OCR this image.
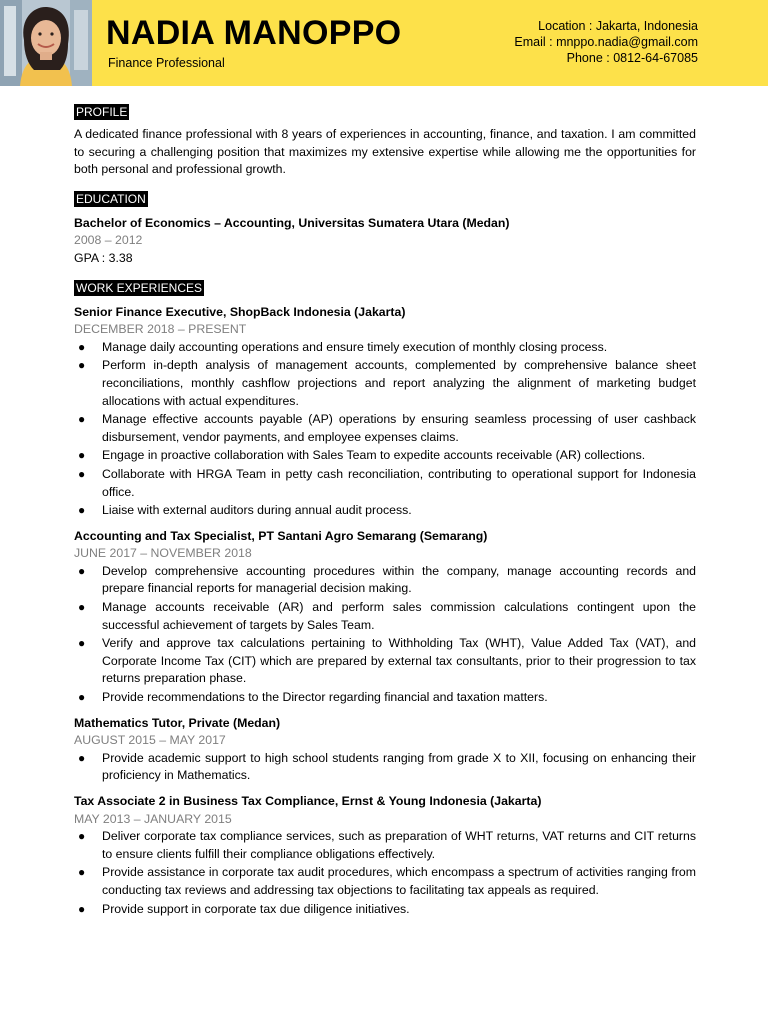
NADIA MANOPPO
Finance Professional
Location : Jakarta, Indonesia
Email : mnppo.nadia@gmail.com
Phone : 0812-64-67085
PROFILE

A dedicated finance professional with 8 years of experiences in accounting, finance, and taxation. I am committed to securing a challenging position that maximizes my extensive expertise while allowing me the opportunities for both personal and professional growth.

EDUCATION
Bachelor of Economics – Accounting, Universitas Sumatera Utara (Medan)
2008 – 2012
GPA : 3.38
WORK EXPERIENCES
Senior Finance Executive, ShopBack Indonesia (Jakarta)
DECEMBER 2018 – PRESENT
● Manage daily accounting operations and ensure timely execution of monthly closing process.
● Perform in-depth analysis of management accounts, complemented by comprehensive balance sheet reconciliations, monthly cashflow projections and report analyzing the alignment of marketing budget allocations with actual expenditures.
● Manage effective accounts payable (AP) operations by ensuring seamless processing of user cashback disbursement, vendor payments, and employee expenses claims.
● Engage in proactive collaboration with Sales Team to expedite accounts receivable (AR) collections.
● Collaborate with HRGA Team in petty cash reconciliation, contributing to operational support for Indonesia office.
● Liaise with external auditors during annual audit process.
Accounting and Tax Specialist, PT Santani Agro Semarang (Semarang)
JUNE 2017 – NOVEMBER 2018
● Develop comprehensive accounting procedures within the company, manage accounting records and prepare financial reports for managerial decision making.
● Manage accounts receivable (AR) and perform sales commission calculations contingent upon the successful achievement of targets by Sales Team.
● Verify and approve tax calculations pertaining to Withholding Tax (WHT), Value Added Tax (VAT), and Corporate Income Tax (CIT) which are prepared by external tax consultants, prior to their progression to tax returns preparation phase.
● Provide recommendations to the Director regarding financial and taxation matters.
Mathematics Tutor, Private (Medan)
AUGUST 2015 – MAY 2017
● Provide academic support to high school students ranging from grade X to XII, focusing on enhancing their proficiency in Mathematics.
Tax Associate 2 in Business Tax Compliance, Ernst & Young Indonesia (Jakarta)
MAY 2013 – JANUARY 2015
● Deliver corporate tax compliance services, such as preparation of WHT returns, VAT returns and CIT returns to ensure clients fulfill their compliance obligations effectively.
● Provide assistance in corporate tax audit procedures, which encompass a spectrum of activities ranging from conducting tax reviews and addressing tax objections to facilitating tax appeals as required.
● Provide support in corporate tax due diligence initiatives.
